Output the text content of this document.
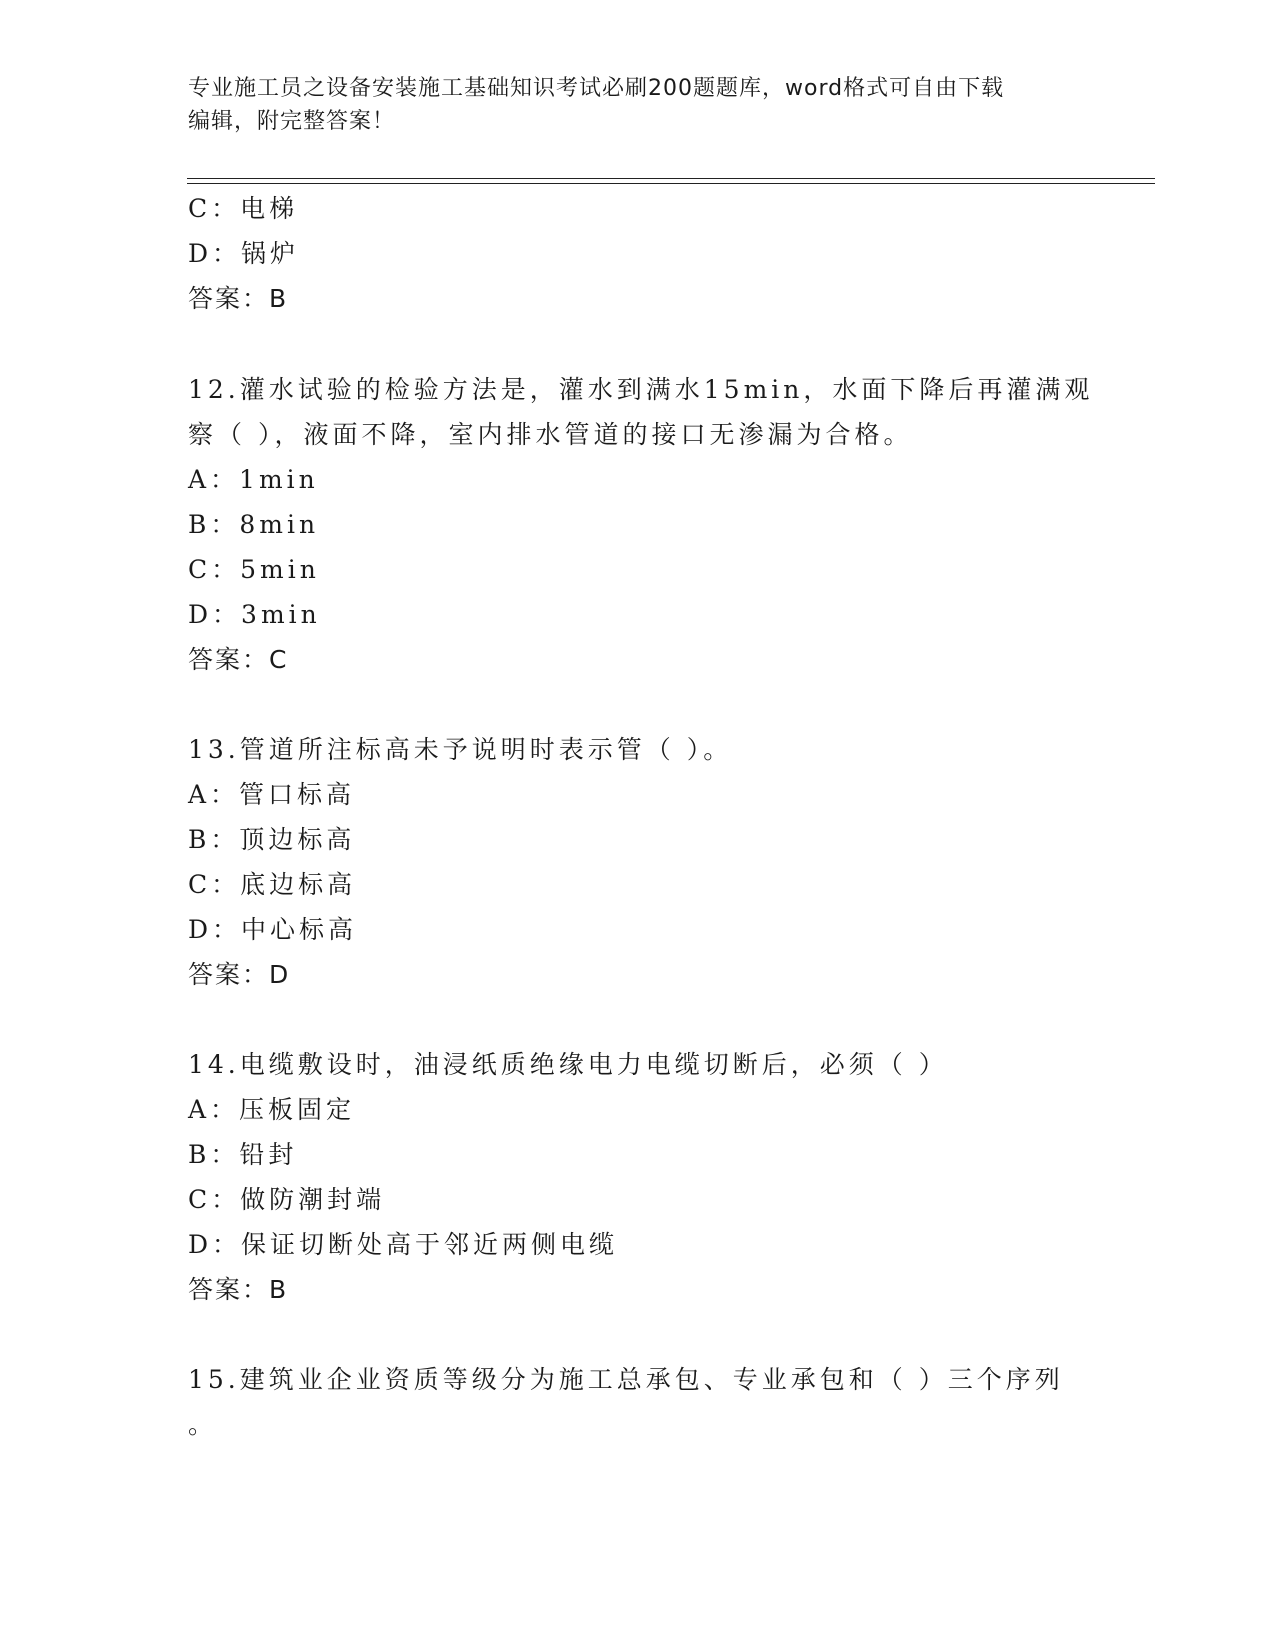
专业施工员之设备安装施工基础知识考试必刷200题题库，word格式可自由下载
编辑，附完整答案！
C：电梯
D：锅炉
答案：B
12.灌水试验的检验方法是，灌水到满水15min，水面下降后再灌满观
察（ ），液面不降，室内排水管道的接口无渗漏为合格。
A：1min
B：8min
C：5min
D：3min
答案：C
13.管道所注标高未予说明时表示管（ ）。
A：管口标高
B：顶边标高
C：底边标高
D：中心标高
答案：D
14.电缆敷设时，油浸纸质绝缘电力电缆切断后，必须（ ）
A：压板固定
B：铅封
C：做防潮封端
D：保证切断处高于邻近两侧电缆
答案：B
15.建筑业企业资质等级分为施工总承包、专业承包和（ ）三个序列
。
